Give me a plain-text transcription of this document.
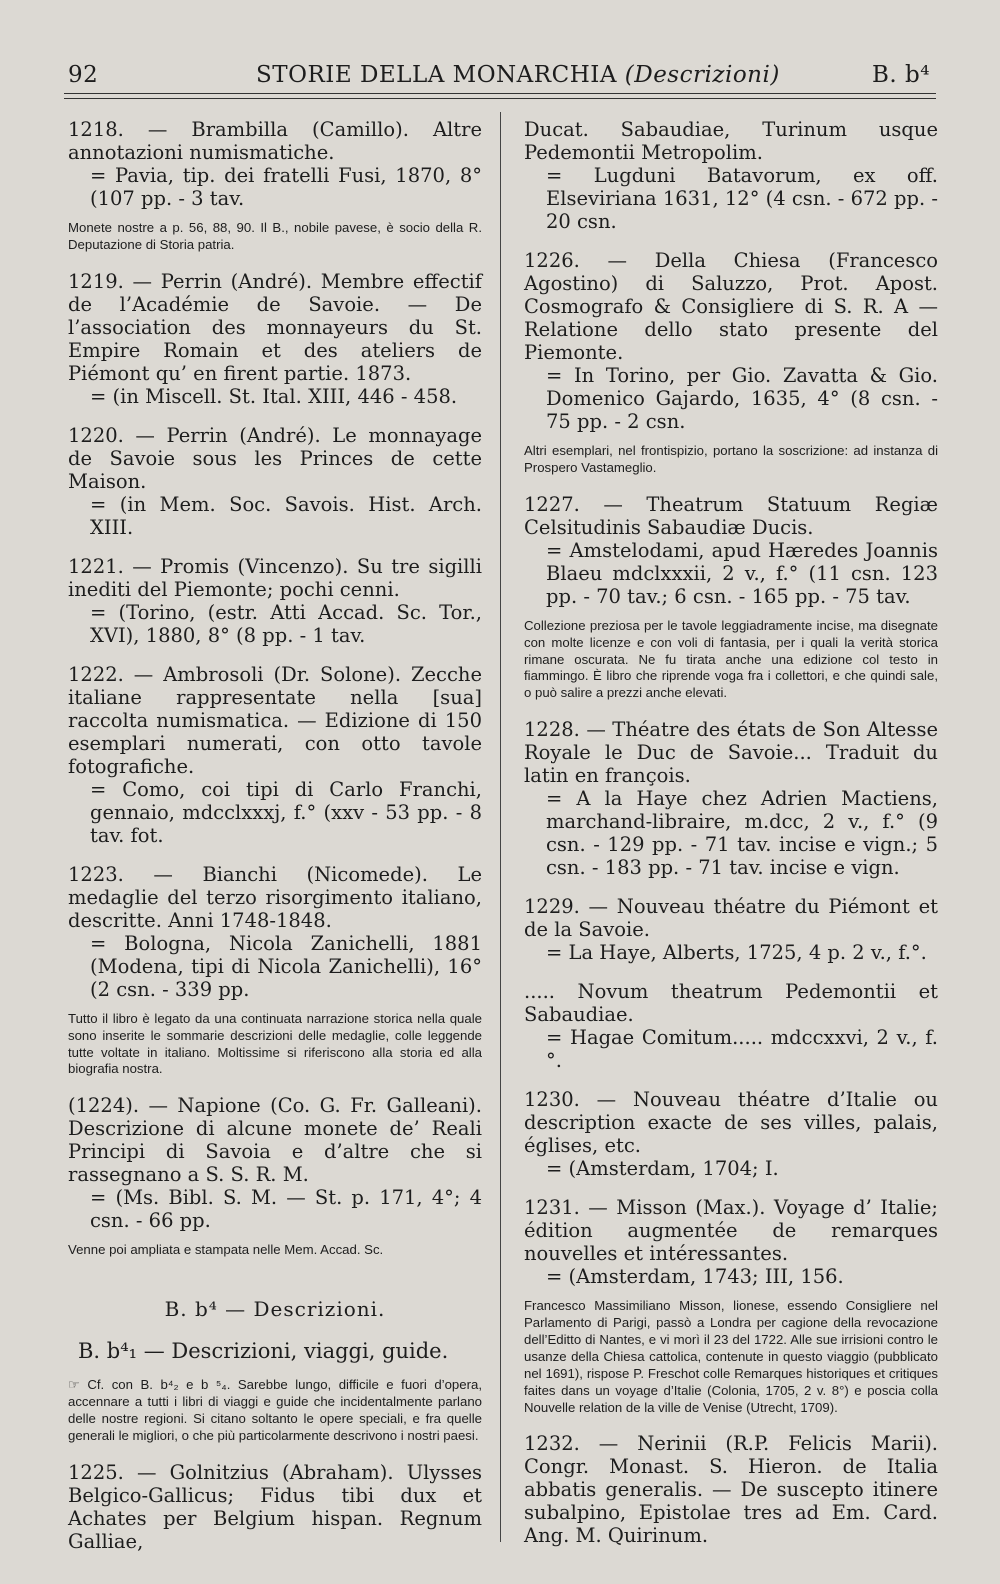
92	STORIE DELLA MONARCHIA (Descrizioni)	B. b⁴
1218. — Brambilla (Camillo). Altre annotazioni numismatiche.
= Pavia, tip. dei fratelli Fusi, 1870, 8° (107 pp. - 3 tav.
Monete nostre a p. 56, 88, 90. Il B., nobile pavese, è socio della R. Deputazione di Storia patria.
1219. — Perrin (André). Membre effectif de l’Académie de Savoie. — De l’association des monnayeurs du St. Empire Romain et des ateliers de Piémont qu’ en firent partie. 1873.
= (in Miscell. St. Ital. XIII, 446 - 458.
1220. — Perrin (André). Le monnayage de Savoie sous les Princes de cette Maison.
= (in Mem. Soc. Savois. Hist. Arch. XIII.
1221. — Promis (Vincenzo). Su tre sigilli inediti del Piemonte; pochi cenni.
= (Torino, (estr. Atti Accad. Sc. Tor., XVI), 1880, 8° (8 pp. - 1 tav.
1222. — Ambrosoli (Dr. Solone). Zecche italiane rappresentate nella [sua] raccolta numismatica. — Edizione di 150 esemplari numerati, con otto tavole fotografiche.
= Como, coi tipi di Carlo Franchi, gennaio, mdcclxxxj, f.° (xxv - 53 pp. - 8 tav. fot.
1223. — Bianchi (Nicomede). Le medaglie del terzo risorgimento italiano, descritte. Anni 1748-1848.
= Bologna, Nicola Zanichelli, 1881 (Modena, tipi di Nicola Zanichelli), 16° (2 csn. - 339 pp.
Tutto il libro è legato da una continuata narrazione storica nella quale sono inserite le sommarie descrizioni delle medaglie, colle leggende tutte voltate in italiano. Moltissime si riferiscono alla storia ed alla biografia nostra.
(1224). — Napione (Co. G. Fr. Galleani). Descrizione di alcune monete de’ Reali Principi di Savoia e d’altre che si rassegnano a S. S. R. M.
= (Ms. Bibl. S. M. — St. p. 171, 4°; 4 csn. - 66 pp.
Venne poi ampliata e stampata nelle Mem. Accad. Sc.
B. b⁴ — Descrizioni.
B. b⁴₁ — Descrizioni, viaggi, guide.
☞ Cf. con B. b⁴₂ e b ⁵₄. Sarebbe lungo, difficile e fuori d’opera, accennare a tutti i libri di viaggi e guide che incidentalmente parlano delle nostre regioni. Si citano soltanto le opere speciali, e fra quelle generali le migliori, o che più particolarmente descrivono i nostri paesi.
1225. — Golnitzius (Abraham). Ulysses Belgico-Gallicus; Fidus tibi dux et Achates per Belgium hispan. Regnum Galliae,
Ducat. Sabaudiae, Turinum usque Pedemontii Metropolim.
= Lugduni Batavorum, ex off. Elseviriana 1631, 12° (4 csn. - 672 pp. - 20 csn.
1226. — Della Chiesa (Francesco Agostino) di Saluzzo, Prot. Apost. Cosmografo & Consigliere di S. R. A — Relatione dello stato presente del Piemonte.
= In Torino, per Gio. Zavatta & Gio. Domenico Gajardo, 1635, 4° (8 csn. - 75 pp. - 2 csn.
Altri esemplari, nel frontispizio, portano la soscrizione: ad instanza di Prospero Vastameglio.
1227. — Theatrum Statuum Regiæ Celsitudinis Sabaudiæ Ducis.
= Amstelodami, apud Hæredes Joannis Blaeu mdclxxxii, 2 v., f.° (11 csn. 123 pp. - 70 tav.; 6 csn. - 165 pp. - 75 tav.
Collezione preziosa per le tavole leggiadramente incise, ma disegnate con molte licenze e con voli di fantasia, per i quali la verità storica rimane oscurata. Ne fu tirata anche una edizione col testo in fiammingo. È libro che riprende voga fra i collettori, e che quindi sale, o può salire a prezzi anche elevati.
1228. — Théatre des états de Son Altesse Royale le Duc de Savoie... Traduit du latin en françois.
= A la Haye chez Adrien Mactiens, marchand-libraire, m.dcc, 2 v., f.° (9 csn. - 129 pp. - 71 tav. incise e vign.; 5 csn. - 183 pp. - 71 tav. incise e vign.
1229. — Nouveau théatre du Piémont et de la Savoie.
= La Haye, Alberts, 1725, 4 p. 2 v., f.°.
..... Novum theatrum Pedemontii et Sabaudiae.
= Hagae Comitum..... mdccxxvi, 2 v., f.°.
1230. — Nouveau théatre d’Italie ou description exacte de ses villes, palais, églises, etc.
= (Amsterdam, 1704; I.
1231. — Misson (Max.). Voyage d’ Italie; édition augmentée de remarques nouvelles et intéressantes.
= (Amsterdam, 1743; III, 156.
Francesco Massimiliano Misson, lionese, essendo Consigliere nel Parlamento di Parigi, passò a Londra per cagione della revocazione dell’Editto di Nantes, e vi morì il 23 del 1722. Alle sue irrisioni contro le usanze della Chiesa cattolica, contenute in questo viaggio (pubblicato nel 1691), rispose P. Freschot colle Remarques historiques et critiques faites dans un voyage d’Italie (Colonia, 1705, 2 v. 8°) e poscia colla Nouvelle relation de la ville de Venise (Utrecht, 1709).
1232. — Nerinii (R.P. Felicis Marii). Congr. Monast. S. Hieron. de Italia abbatis generalis. — De suscepto itinere subalpino, Epistolae tres ad Em. Card. Ang. M. Quirinum.
